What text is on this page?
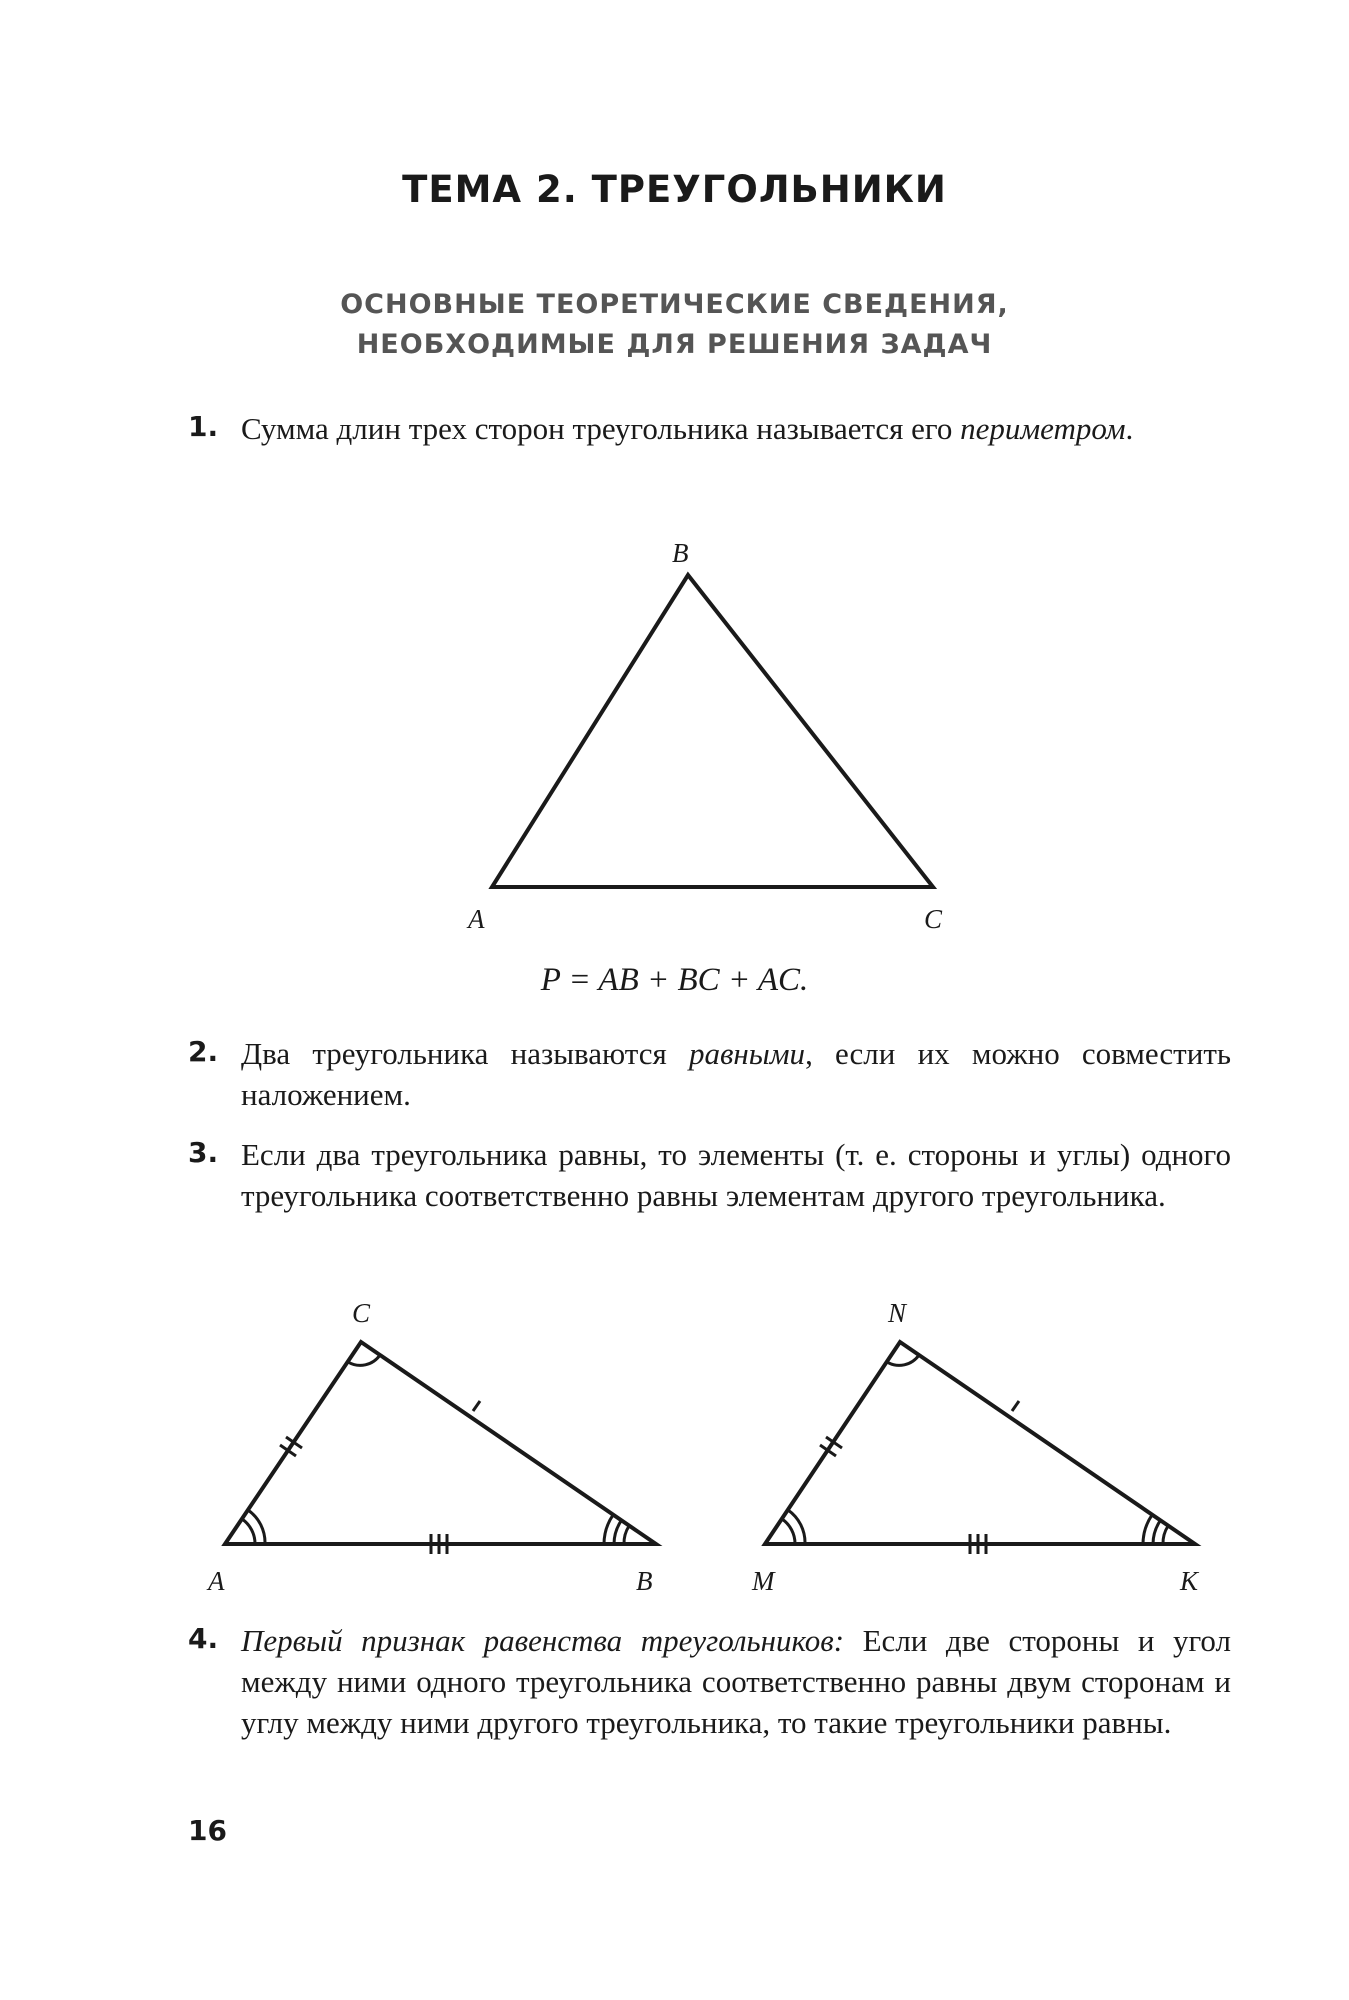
ТЕМА 2. ТРЕУГОЛЬНИКИ
ОСНОВНЫЕ ТЕОРЕТИЧЕСКИЕ СВЕДЕНИЯ,
НЕОБХОДИМЫЕ ДЛЯ РЕШЕНИЯ ЗАДАЧ
1. Сумма длин трех сторон треугольника называется его периметром.
B
A	C
P = AB + BC + AC.
2. Два треугольника называются равными, если их можно совместить наложением.
3. Если два треугольника равны, то элементы (т. е. стороны и углы) одного треугольника соответственно равны элементам другого треугольника.
C
A	B
N
M	K
4. Первый признак равенства треугольников: Если две стороны и угол между ними одного треугольника соответственно равны двум сторонам и углу между ними другого треугольника, то такие треугольники равны.
16
